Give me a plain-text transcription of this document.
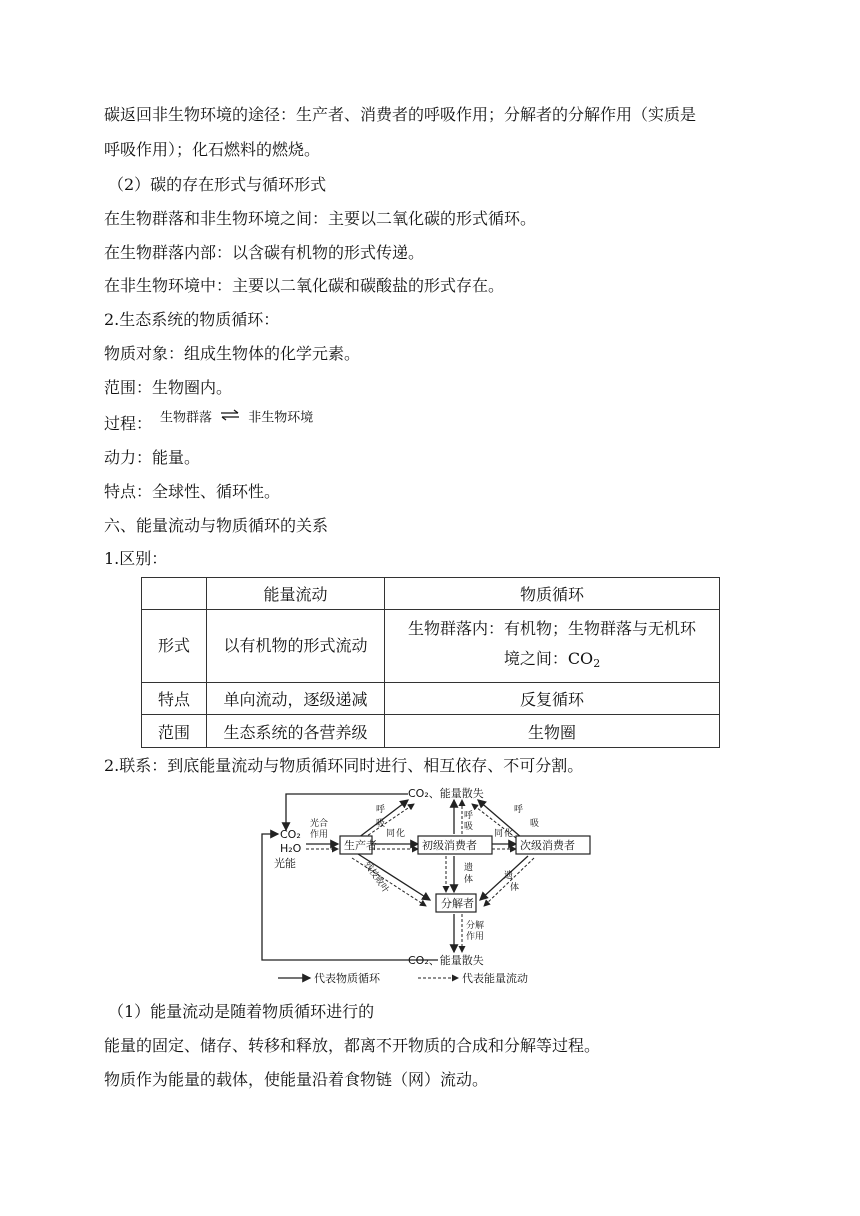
碳返回非生物环境的途径：生产者、消费者的呼吸作用；分解者的分解作用（实质是
呼吸作用）；化石燃料的燃烧。
（2）碳的存在形式与循环形式
在生物群落和非生物环境之间：主要以二氧化碳的形式循环。
在生物群落内部：以含碳有机物的形式传递。
在非生物环境中：主要以二氧化碳和碳酸盐的形式存在。
2.生态系统的物质循环：
物质对象：组成生物体的化学元素。
范围：生物圈内。
过程： 生物群落 ⇌ 非生物环境
动力：能量。
特点：全球性、循环性。
六、能量流动与物质循环的关系
1.区别：
	能量流动	物质循环
形式	以有机物的形式流动	生物群落内：有机物；生物群落与无机环
境之间：$CO_2$
特点	单向流动，逐级递减	反复循环
范围	生态系统的各营养级	生物圈
2.联系：到底能量流动与物质循环同时进行、相互依存、不可分割。
CO₂、能量散失
CO₂、能量散失
生产者	初级消费者	次级消费者
分解者
CO₂
H₂O
光能
代表物质循环	代表能量流动
光合
作用
呼
吸
呼
吸
呼
吸
同 化	同 化
遗
体	遗
体
残枝败叶
分解
作用
（1）能量流动是随着物质循环进行的
能量的固定、储存、转移和释放，都离不开物质的合成和分解等过程。
物质作为能量的载体，使能量沿着食物链（网）流动。
